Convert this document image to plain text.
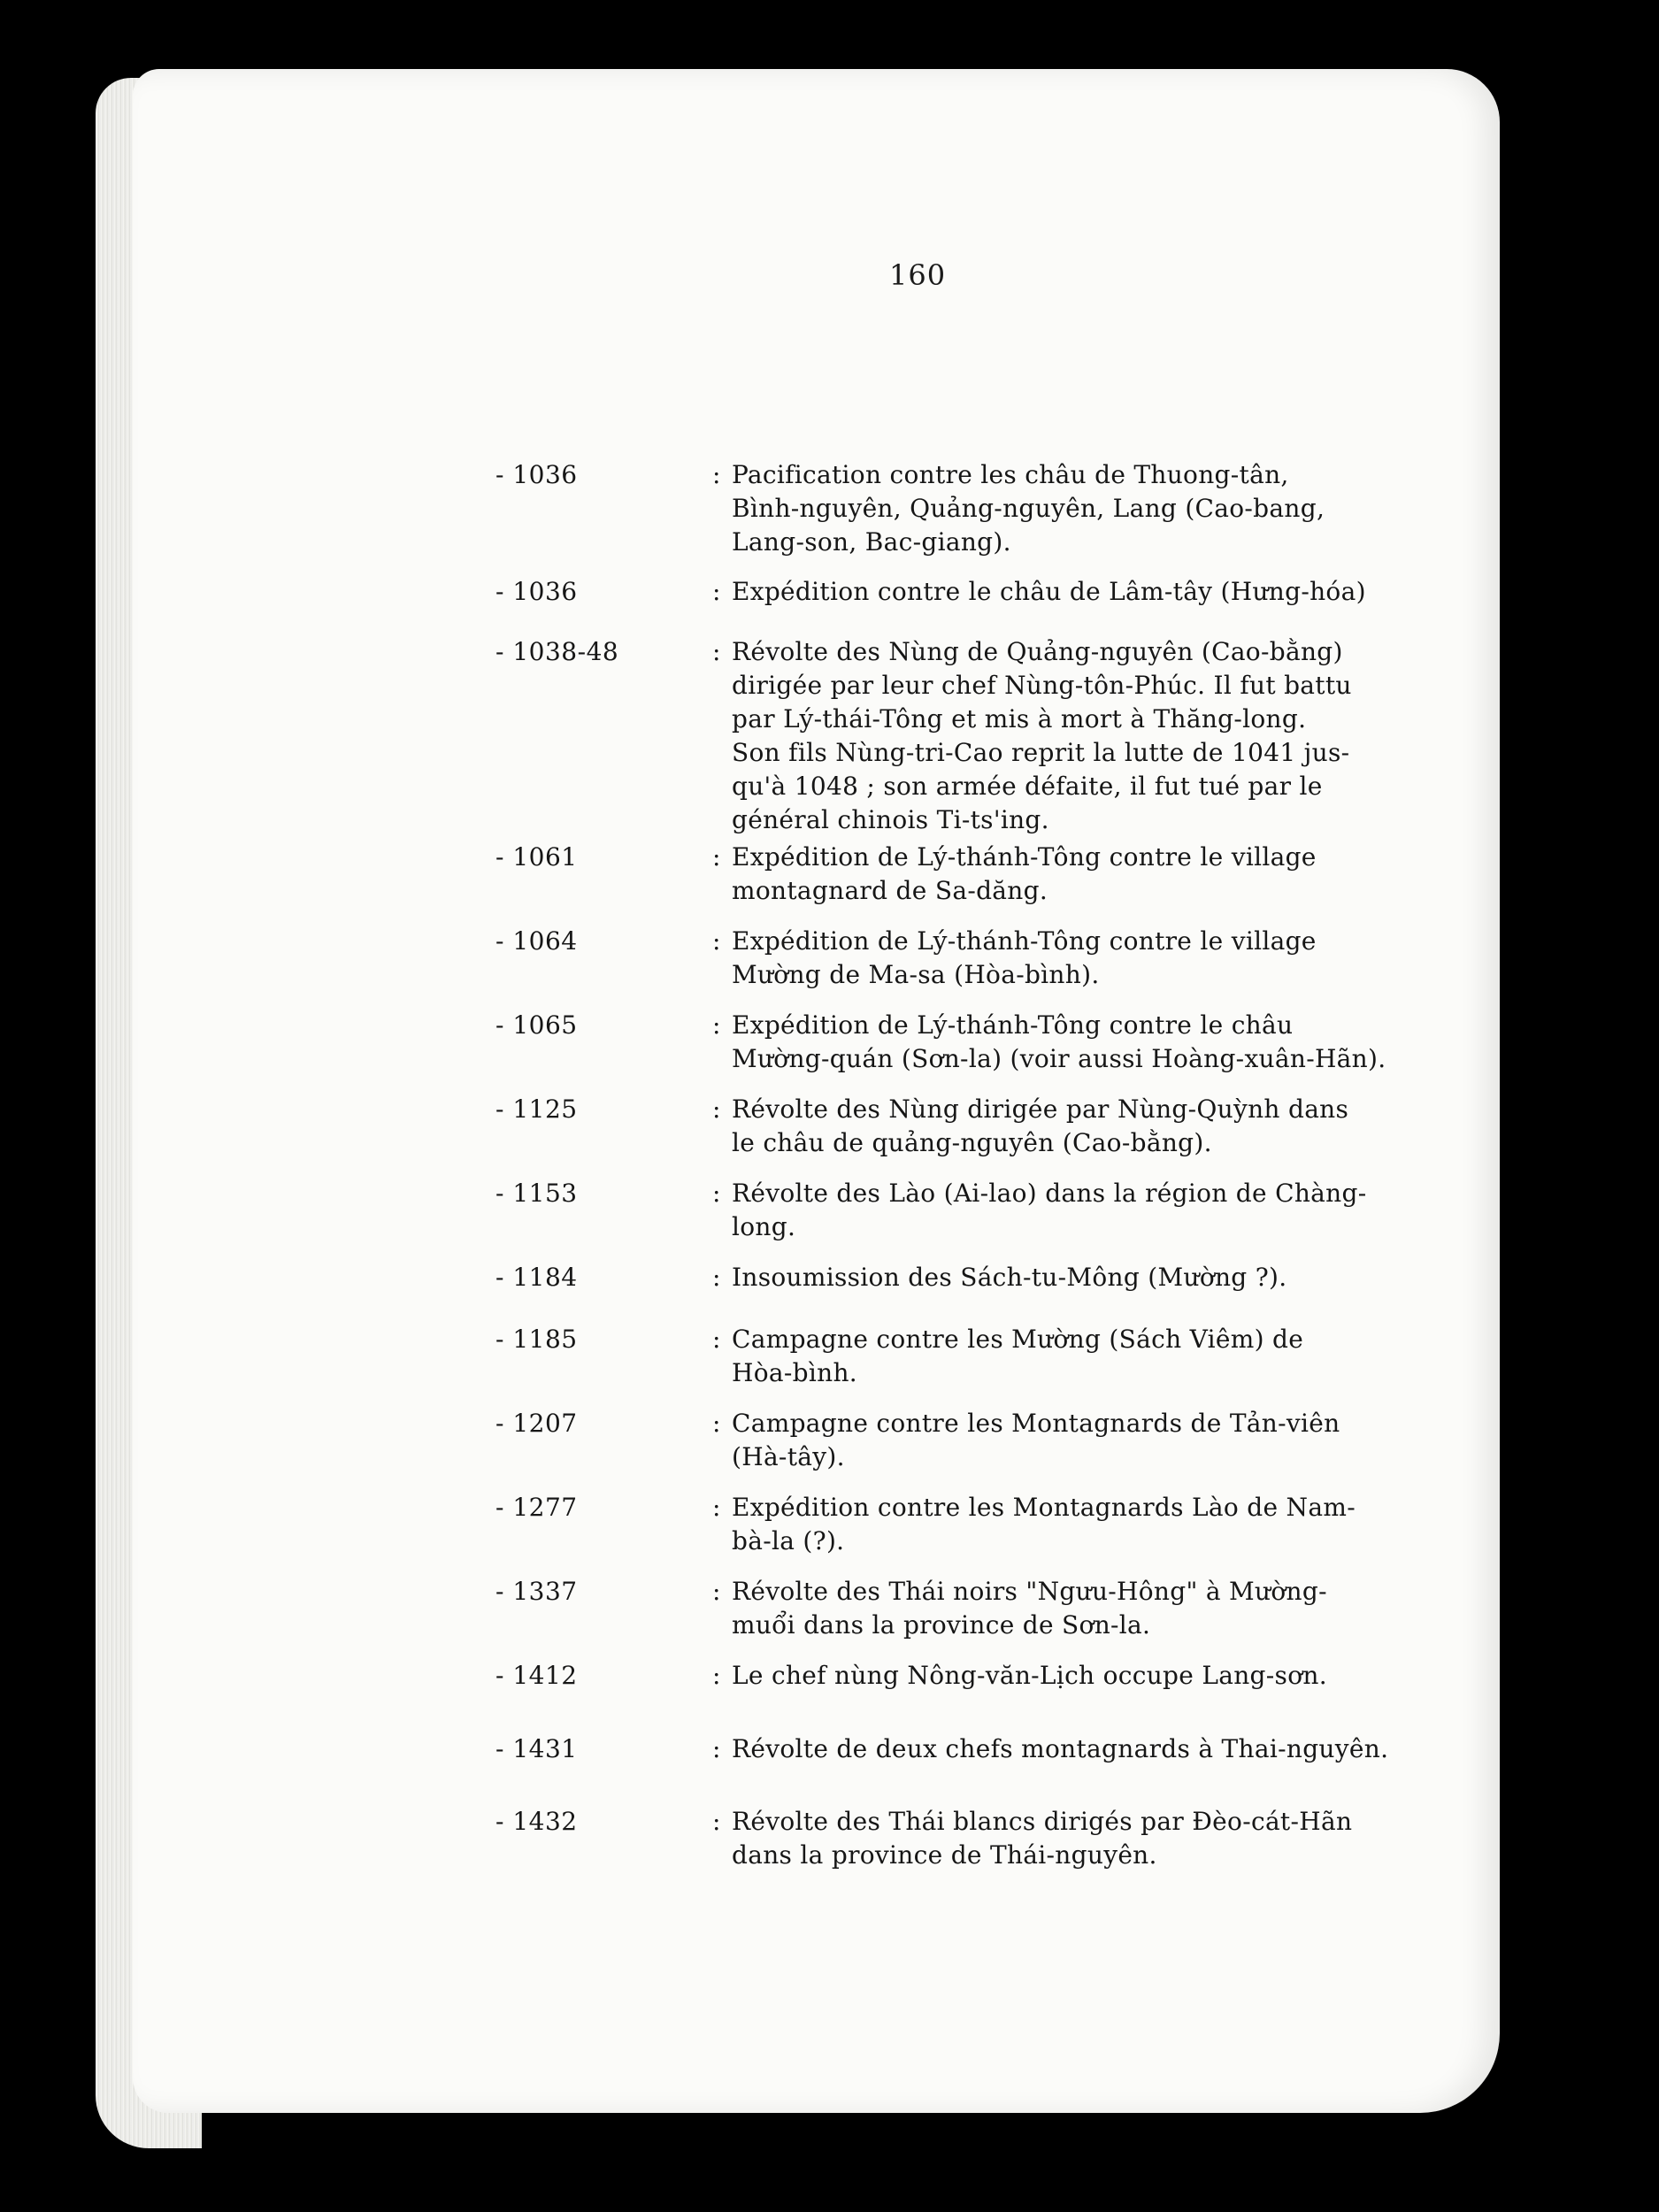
160
- 1036	: Pacification contre les châu de Thuong-tân,
Bình-nguyên, Quảng-nguyên, Lang (Cao-bang,
Lang-son, Bac-giang).
- 1036	: Expédition contre le châu de Lâm-tây (Hưng-hóa)
- 1038-48	: Révolte des Nùng de Quảng-nguyên (Cao-bằng)
dirigée par leur chef Nùng-tôn-Phúc. Il fut battu
par Lý-thái-Tông et mis à mort à Thăng-long.
Son fils Nùng-tri-Cao reprit la lutte de 1041 jus-
qu'à 1048 ; son armée défaite, il fut tué par le
général chinois Ti-ts'ing.
- 1061	: Expédition de Lý-thánh-Tông contre le village
montagnard de Sa-dăng.
- 1064	: Expédition de Lý-thánh-Tông contre le village
Mường de Ma-sa (Hòa-bình).
- 1065	: Expédition de Lý-thánh-Tông contre le châu
Mường-quán (Sơn-la) (voir aussi Hoàng-xuân-Hãn).
- 1125	: Révolte des Nùng dirigée par Nùng-Quỳnh dans
le châu de quảng-nguyên (Cao-bằng).
- 1153	: Révolte des Lào (Ai-lao) dans la région de Chàng-
long.
- 1184	: Insoumission des Sách-tu-Mông (Mường ?).
- 1185	: Campagne contre les Mường (Sách Viêm) de
Hòa-bình.
- 1207	: Campagne contre les Montagnards de Tản-viên
(Hà-tây).
- 1277	: Expédition contre les Montagnards Lào de Nam-
bà-la (?).
- 1337	: Révolte des Thái noirs "Ngưu-Hông" à Mường-
muổi dans la province de Sơn-la.
- 1412	: Le chef nùng Nông-văn-Lịch occupe Lang-sơn.
- 1431	: Révolte de deux chefs montagnards à Thai-nguyên.
- 1432	: Révolte des Thái blancs dirigés par Đèo-cát-Hãn
dans la province de Thái-nguyên.
